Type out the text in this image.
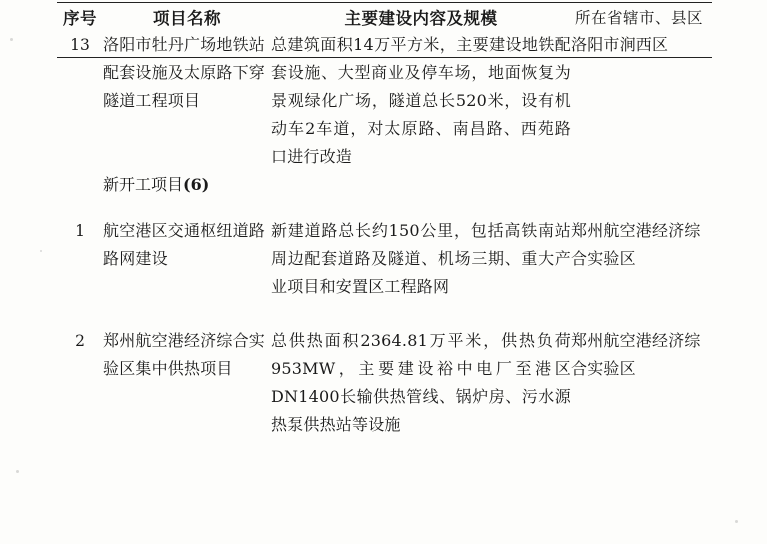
序号	项目名称	主要建设内容及规模	所在省辖市、县区
13	洛阳市牡丹广场地铁站配套设施及太原路下穿隧道工程项目	总建筑面积14万平方米，主要建设地铁配套设施、大型商业及停车场，地面恢复为景观绿化广场，隧道总长520米，设有机动车2车道，对太原路、南昌路、西苑路口进行改造	洛阳市涧西区
	新开工项目(6)		

1	航空港区交通枢纽道路路网建设	新建道路总长约150公里，包括高铁南站周边配套道路及隧道、机场三期、重大产业项目和安置区工程路网	郑州航空港经济综合实验区

2	郑州航空港经济综合实验区集中供热项目	总供热面积2364.81万平米，供热负荷953MW，主要建设裕中电厂至港区DN1400长输供热管线、锅炉房、污水源热泵供热站等设施	郑州航空港经济综合实验区
